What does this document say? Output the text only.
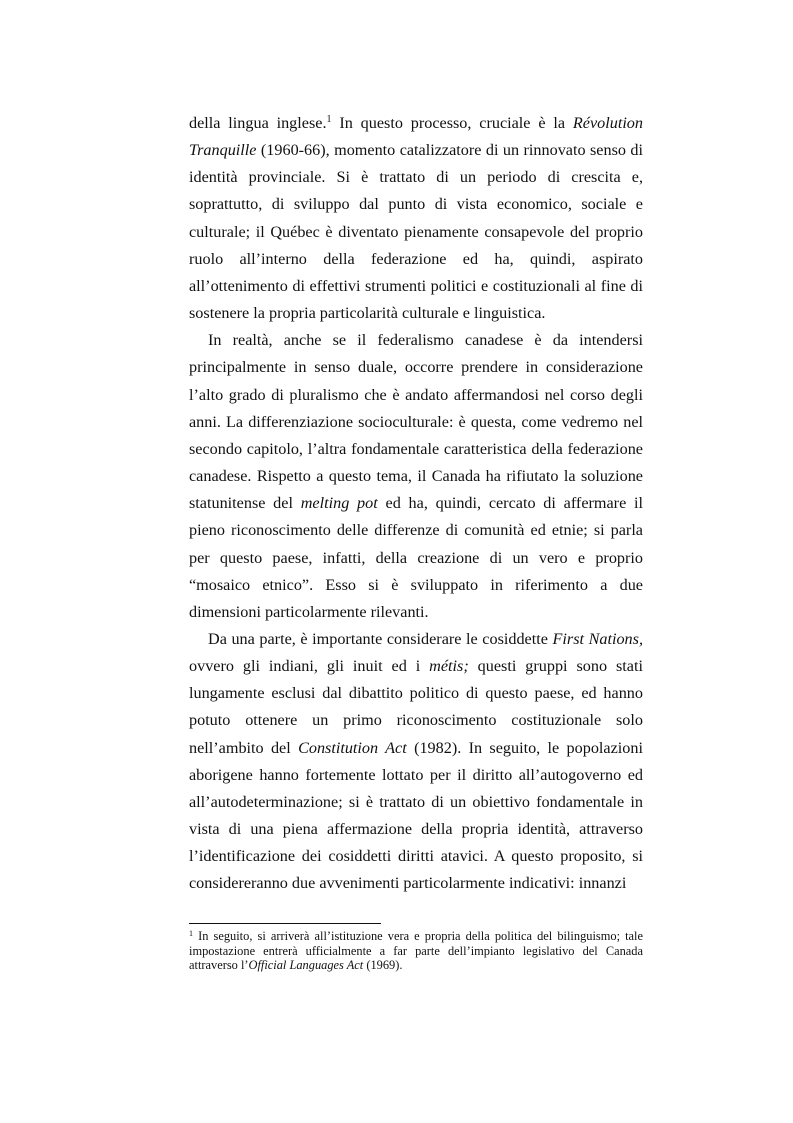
della lingua inglese.$^1$ In questo processo, cruciale è la Révolution Tranquille (1960-66), momento catalizzatore di un rinnovato senso di identità provinciale. Si è trattato di un periodo di crescita e, soprattutto, di sviluppo dal punto di vista economico, sociale e culturale; il Québec è diventato pienamente consapevole del proprio ruolo all’interno della federazione ed ha, quindi, aspirato all’ottenimento di effettivi strumenti politici e costituzionali al fine di sostenere la propria particolarità culturale e linguistica.

In realtà, anche se il federalismo canadese è da intendersi principalmente in senso duale, occorre prendere in considerazione l’alto grado di pluralismo che è andato affermandosi nel corso degli anni. La differenziazione socioculturale: è questa, come vedremo nel secondo capitolo, l’altra fondamentale caratteristica della federazione canadese. Rispetto a questo tema, il Canada ha rifiutato la soluzione statunitense del melting pot ed ha, quindi, cercato di affermare il pieno riconoscimento delle differenze di comunità ed etnie; si parla per questo paese, infatti, della creazione di un vero e proprio “mosaico etnico”. Esso si è sviluppato in riferimento a due dimensioni particolarmente rilevanti.

Da una parte, è importante considerare le cosiddette First Nations, ovvero gli indiani, gli inuit ed i métis; questi gruppi sono stati lungamente esclusi dal dibattito politico di questo paese, ed hanno potuto ottenere un primo riconoscimento costituzionale solo nell’ambito del Constitution Act (1982). In seguito, le popolazioni aborigene hanno fortemente lottato per il diritto all’autogoverno ed all’autodeterminazione; si è trattato di un obiettivo fondamentale in vista di una piena affermazione della propria identità, attraverso l’identificazione dei cosiddetti diritti atavici. A questo proposito, si considereranno due avvenimenti particolarmente indicativi: innanzi

$^1$ In seguito, si arriverà all’istituzione vera e propria della politica del bilinguismo; tale impostazione entrerà ufficialmente a far parte dell’impianto legislativo del Canada attraverso l’Official Languages Act (1969).
